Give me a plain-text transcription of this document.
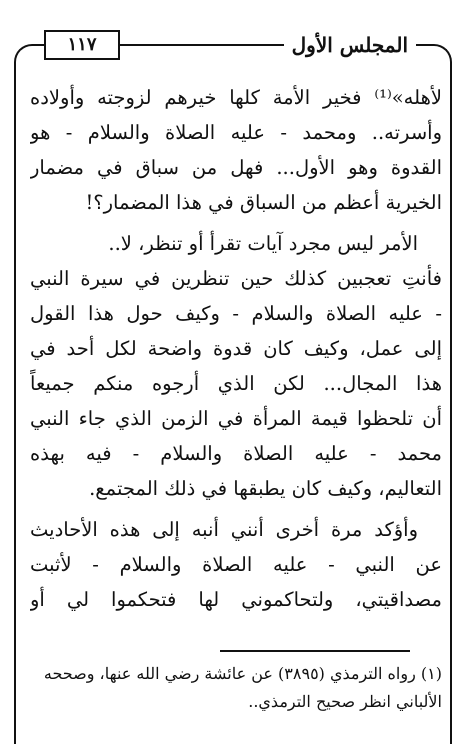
المجلس الأول
١١٧

لأهله»⁽¹⁾ فخير الأمة كلها خيرهم لزوجته وأولاده
وأسرته.. ومحمد - عليه الصلاة والسلام - هو
القدوة وهو الأول... فهل من سباق في مضمار
الخيرية أعظم من السباق في هذا المضمار؟!

الأمر ليس مجرد آيات تقرأ أو تنظر، لا..
فأنتِ تعجبين كذلك حين تنظرين في سيرة النبي
- عليه الصلاة والسلام - وكيف حول هذا القول
إلى عمل، وكيف كان قدوة واضحة لكل أحد في
هذا المجال... لكن الذي أرجوه منكم جميعاً
أن تلحظوا قيمة المرأة في الزمن الذي جاء النبي
محمد - عليه الصلاة والسلام - فيه بهذه
التعاليم، وكيف كان يطبقها في ذلك المجتمع.

وأؤكد مرة أخرى أنني أنبه إلى هذه الأحاديث
عن النبي - عليه الصلاة والسلام - لأثبت
مصداقيتي، ولتحاكموني لها فتحكموا لي أو

(١) رواه الترمذي (٣٨٩٥) عن عائشة رضي الله عنها، وصححه
الألباني انظر صحيح الترمذي..
